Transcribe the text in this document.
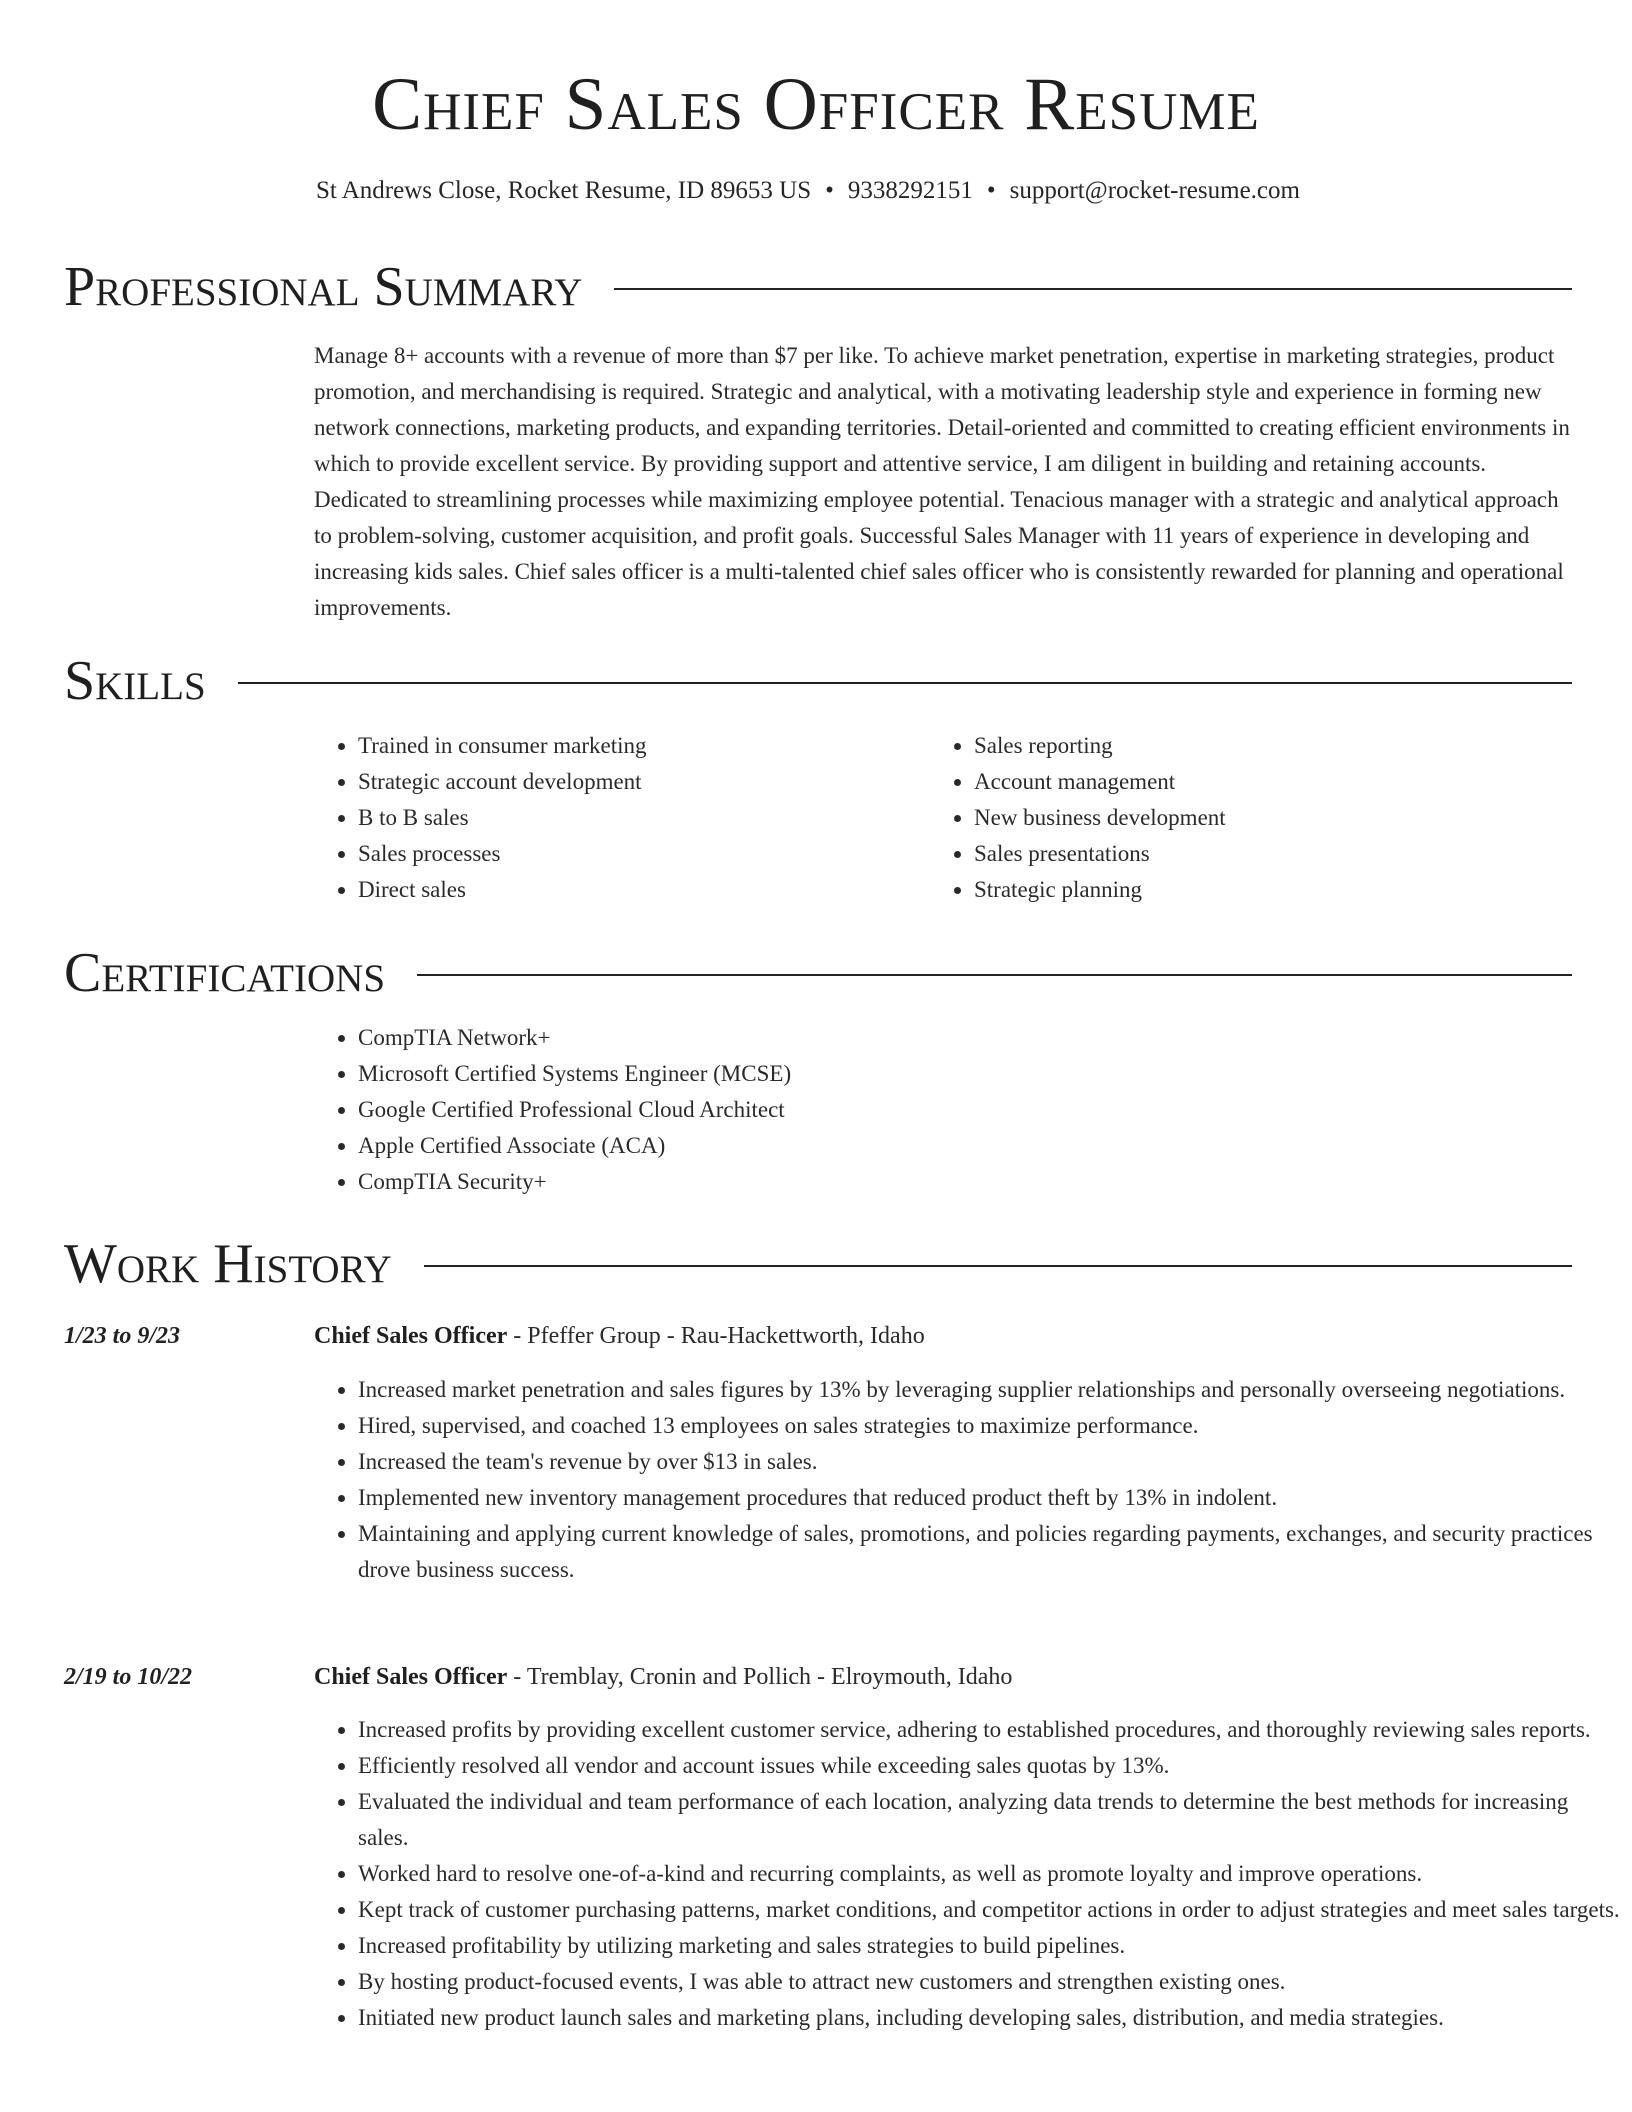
Chief Sales Officer Resume
St Andrews Close, Rocket Resume, ID 89653 US • 9338292151 • support@rocket-resume.com
Professional Summary
Manage 8+ accounts with a revenue of more than $7 per like. To achieve market penetration, expertise in marketing strategies, product promotion, and merchandising is required. Strategic and analytical, with a motivating leadership style and experience in forming new network connections, marketing products, and expanding territories. Detail-oriented and committed to creating efficient environments in which to provide excellent service. By providing support and attentive service, I am diligent in building and retaining accounts. Dedicated to streamlining processes while maximizing employee potential. Tenacious manager with a strategic and analytical approach to problem-solving, customer acquisition, and profit goals. Successful Sales Manager with 11 years of experience in developing and increasing kids sales. Chief sales officer is a multi-talented chief sales officer who is consistently rewarded for planning and operational improvements.
Skills
• Trained in consumer marketing
• Strategic account development
• B to B sales
• Sales processes
• Direct sales
• Sales reporting
• Account management
• New business development
• Sales presentations
• Strategic planning
Certifications
• CompTIA Network+
• Microsoft Certified Systems Engineer (MCSE)
• Google Certified Professional Cloud Architect
• Apple Certified Associate (ACA)
• CompTIA Security+
Work History
1/23 to 9/23	Chief Sales Officer - Pfeffer Group - Rau-Hackettworth, Idaho
• Increased market penetration and sales figures by 13% by leveraging supplier relationships and personally overseeing negotiations.
• Hired, supervised, and coached 13 employees on sales strategies to maximize performance.
• Increased the team's revenue by over $13 in sales.
• Implemented new inventory management procedures that reduced product theft by 13% in indolent.
• Maintaining and applying current knowledge of sales, promotions, and policies regarding payments, exchanges, and security practices drove business success.
2/19 to 10/22	Chief Sales Officer - Tremblay, Cronin and Pollich - Elroymouth, Idaho
• Increased profits by providing excellent customer service, adhering to established procedures, and thoroughly reviewing sales reports.
• Efficiently resolved all vendor and account issues while exceeding sales quotas by 13%.
• Evaluated the individual and team performance of each location, analyzing data trends to determine the best methods for increasing sales.
• Worked hard to resolve one-of-a-kind and recurring complaints, as well as promote loyalty and improve operations.
• Kept track of customer purchasing patterns, market conditions, and competitor actions in order to adjust strategies and meet sales targets.
• Increased profitability by utilizing marketing and sales strategies to build pipelines.
• By hosting product-focused events, I was able to attract new customers and strengthen existing ones.
• Initiated new product launch sales and marketing plans, including developing sales, distribution, and media strategies.
